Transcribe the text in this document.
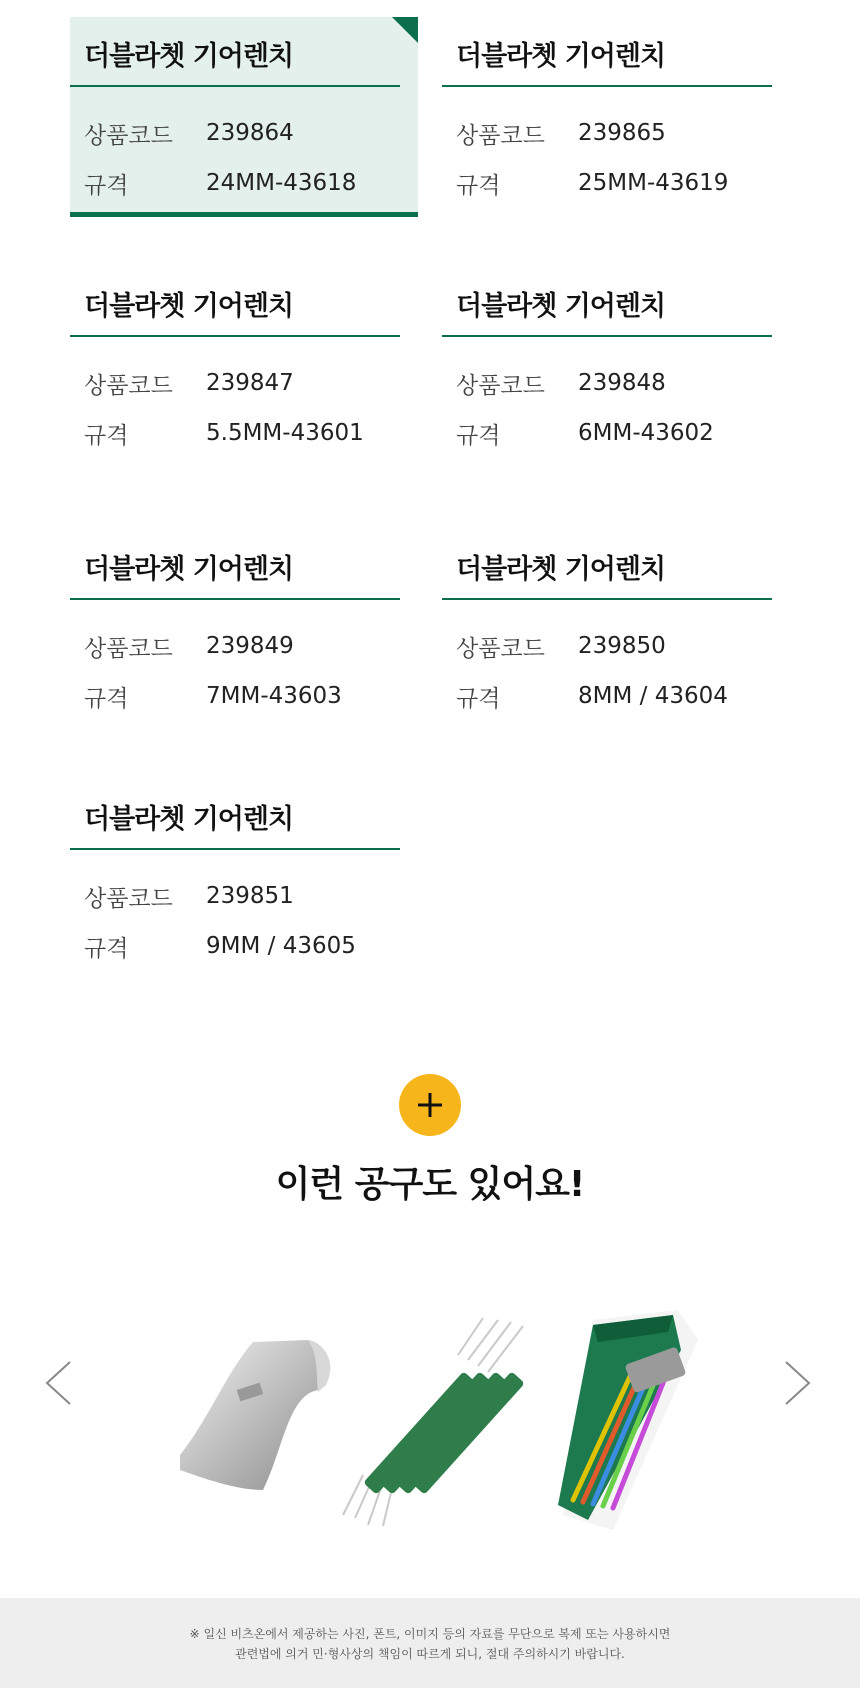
더블라쳇 기어렌치
상품코드	239864
규격	24MM-43618
더블라쳇 기어렌치
상품코드	239865
규격	25MM-43619
더블라쳇 기어렌치
상품코드	239847
규격	5.5MM-43601
더블라쳇 기어렌치
상품코드	239848
규격	6MM-43602
더블라쳇 기어렌치
상품코드	239849
규격	7MM-43603
더블라쳇 기어렌치
상품코드	239850
규격	8MM / 43604
더블라쳇 기어렌치
상품코드	239851
규격	9MM / 43605
이런 공구도 있어요!
※ 일신 비츠온에서 제공하는 사진, 폰트, 이미지 등의 자료를 무단으로 복제 또는 사용하시면
관련법에 의거 민·형사상의 책임이 따르게 되니, 절대 주의하시기 바랍니다.
